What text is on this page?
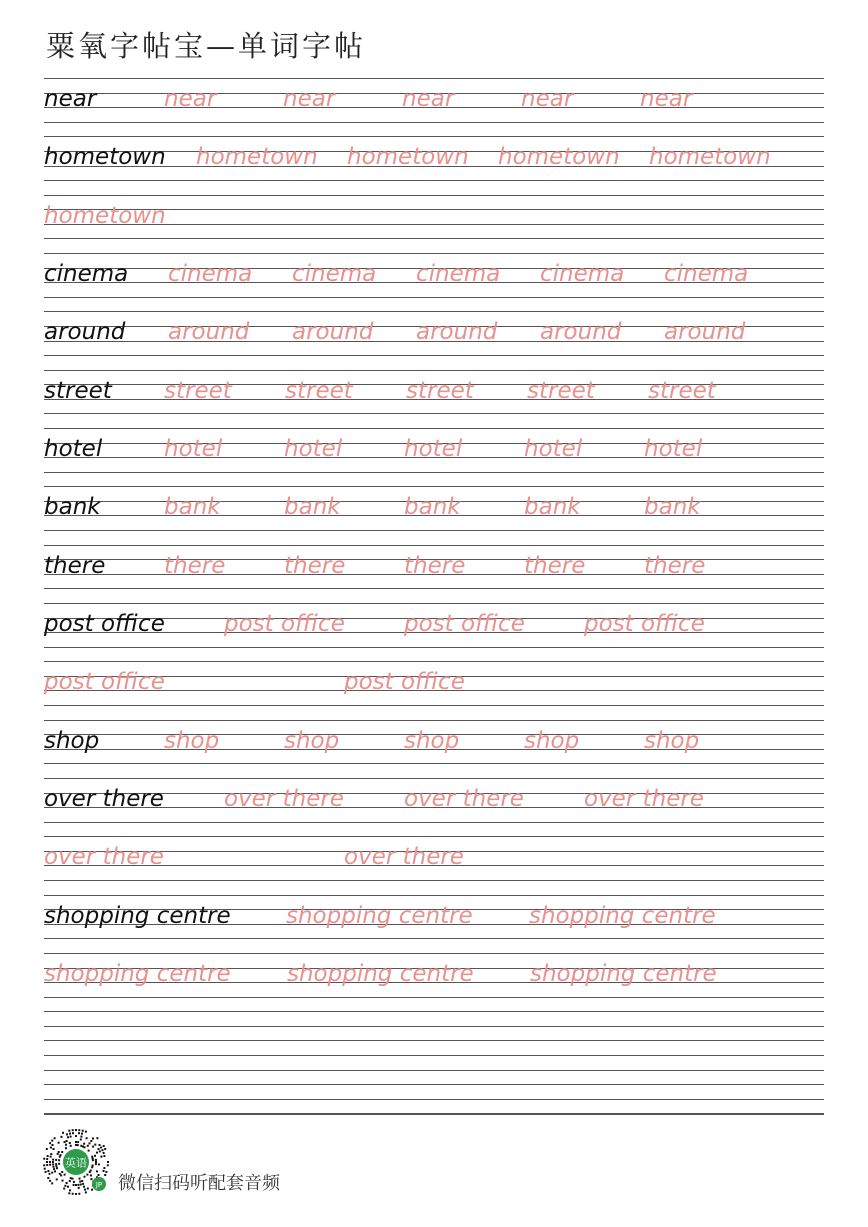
粟氧字帖宝—单词字帖
near	near	near	near	near	near
hometown hometown hometown hometown hometown
hometown
cinema cinema cinema cinema cinema cinema
around around around around around around
street street street street street street
hotel	hotel	hotel	hotel	hotel	hotel
bank	bank	bank	bank	bank	bank
there	there	there	there	there	there
post office	post office	post office	post office
post office	post office
shop	shop	shop	shop	shop	shop
over there	over there	over there	over there
over there	over there
shopping centre shopping centre shopping centre
shopping centre shopping centre shopping centre
英语
JP 微信扫码听配套音频
